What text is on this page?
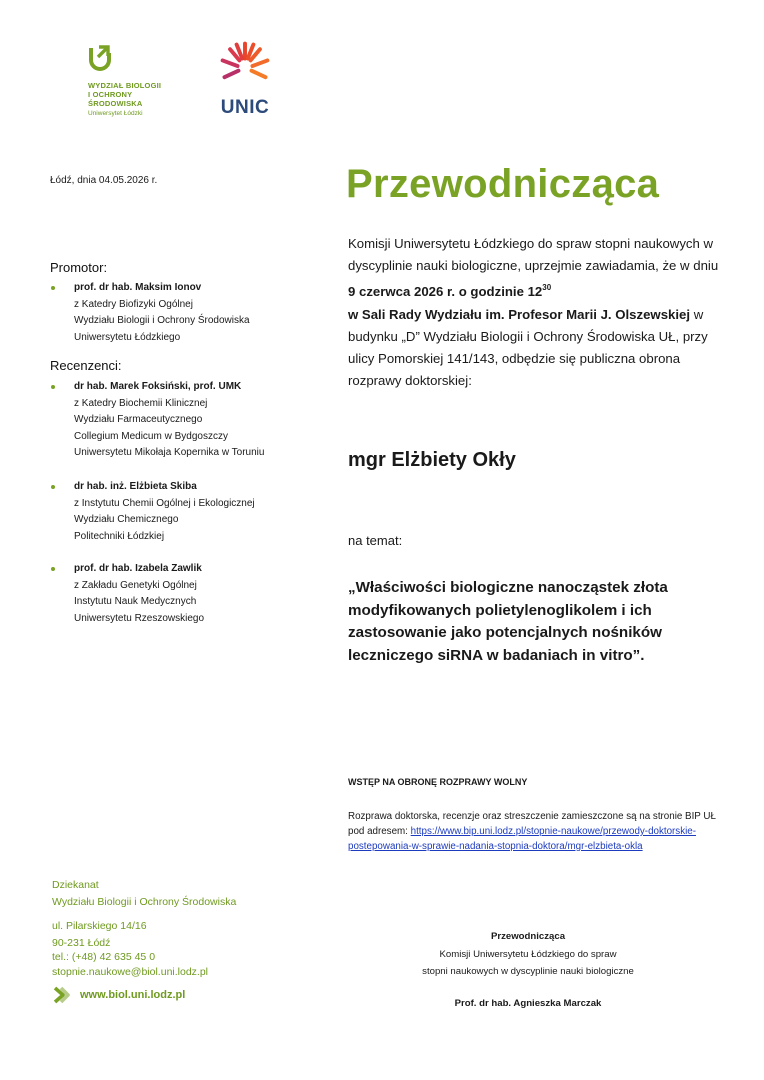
WYDZIAŁ BIOLOGII
I OCHRONY
ŚRODOWISKA
Uniwersytet Łódzki	UNIC
Łódź, dnia 04.05.2026 r.
Promotor:
prof. dr hab. Maksim Ionov
z Katedry Biofizyki Ogólnej
Wydziału Biologii i Ochrony Środowiska
Uniwersytetu Łódzkiego
Recenzenci:
dr hab. Marek Foksiński, prof. UMK
z Katedry Biochemii Klinicznej
Wydziału Farmaceutycznego
Collegium Medicum w Bydgoszczy
Uniwersytetu Mikołaja Kopernika w Toruniu
dr hab. inż. Elżbieta Skiba
z Instytutu Chemii Ogólnej i Ekologicznej
Wydziału Chemicznego
Politechniki Łódzkiej
prof. dr hab. Izabela Zawlik
z Zakładu Genetyki Ogólnej
Instytutu Nauk Medycznych
Uniwersytetu Rzeszowskiego
Dziekanat
Wydziału Biologii i Ochrony Środowiska
ul. Pilarskiego 14/16
90-231 Łódź
tel.: (+48) 42 635 45 0
stopnie.naukowe@biol.uni.lodz.pl
www.biol.uni.lodz.pl
Przewodnicząca
Komisji Uniwersytetu Łódzkiego do spraw stopni naukowych w dyscyplinie nauki biologiczne, uprzejmie zawiadamia, że w dniu 9 czerwca 2026 r. o godzinie $12^{30}$
w Sali Rady Wydziału im. Profesor Marii J. Olszewskiej w budynku „D” Wydziału Biologii i Ochrony Środowiska UŁ, przy ulicy Pomorskiej 141/143, odbędzie się publiczna obrona rozprawy doktorskiej:
mgr Elżbiety Okły
na temat:
„Właściwości biologiczne nanocząstek złota modyfikowanych polietylenoglikolem i ich zastosowanie jako potencjalnych nośników leczniczego siRNA w badaniach in vitro”.
WSTĘP NA OBRONĘ ROZPRAWY WOLNY
Rozprawa doktorska, recenzje oraz streszczenie zamieszczone są na stronie BIP UŁ pod adresem: https://www.bip.uni.lodz.pl/stopnie-naukowe/przewody-doktorskie-postepowania-w-sprawie-nadania-stopnia-doktora/mgr-elzbieta-okla
Przewodnicząca
Komisji Uniwersytetu Łódzkiego do spraw
stopni naukowych w dyscyplinie nauki biologiczne
Prof. dr hab. Agnieszka Marczak
